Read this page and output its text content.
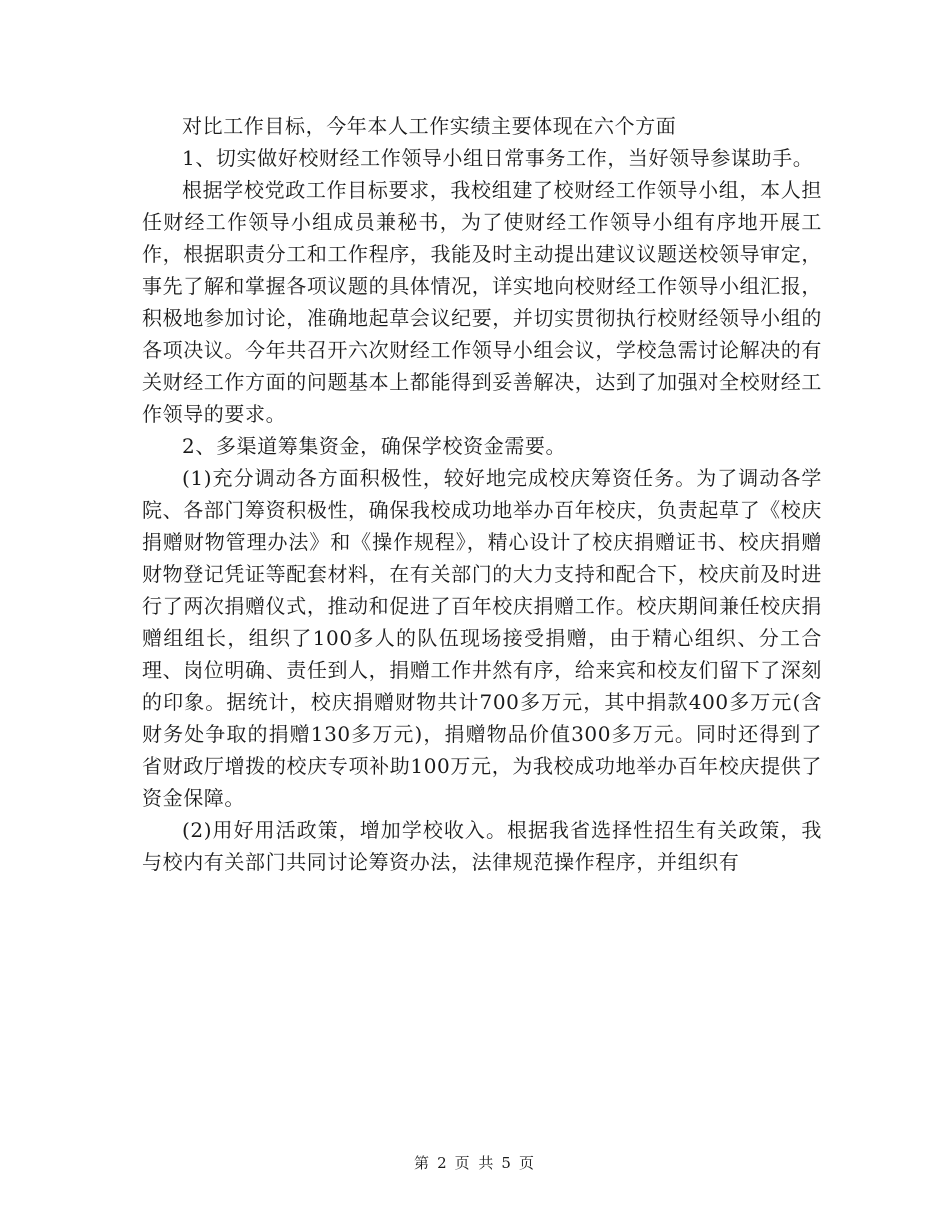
对比工作目标，今年本人工作实绩主要体现在六个方面

1、切实做好校财经工作领导小组日常事务工作，当好领导参谋助手。

根据学校党政工作目标要求，我校组建了校财经工作领导小组，本人担任财经工作领导小组成员兼秘书，为了使财经工作领导小组有序地开展工作，根据职责分工和工作程序，我能及时主动提出建议议题送校领导审定，事先了解和掌握各项议题的具体情况，详实地向校财经工作领导小组汇报，积极地参加讨论，准确地起草会议纪要，并切实贯彻执行校财经领导小组的各项决议。今年共召开六次财经工作领导小组会议，学校急需讨论解决的有关财经工作方面的问题基本上都能得到妥善解决，达到了加强对全校财经工作领导的要求。

2、多渠道筹集资金，确保学校资金需要。

(1)充分调动各方面积极性，较好地完成校庆筹资任务。为了调动各学院、各部门筹资积极性，确保我校成功地举办百年校庆，负责起草了《校庆捐赠财物管理办法》和《操作规程》，精心设计了校庆捐赠证书、校庆捐赠财物登记凭证等配套材料，在有关部门的大力支持和配合下，校庆前及时进行了两次捐赠仪式，推动和促进了百年校庆捐赠工作。校庆期间兼任校庆捐赠组组长，组织了100多人的队伍现场接受捐赠，由于精心组织、分工合理、岗位明确、责任到人，捐赠工作井然有序，给来宾和校友们留下了深刻的印象。据统计，校庆捐赠财物共计700多万元，其中捐款400多万元(含财务处争取的捐赠130多万元)，捐赠物品价值300多万元。同时还得到了省财政厅增拨的校庆专项补助100万元，为我校成功地举办百年校庆提供了资金保障。

(2)用好用活政策，增加学校收入。根据我省选择性招生有关政策，我与校内有关部门共同讨论筹资办法，法律规范操作程序，并组织有

第 2 页 共 5 页
